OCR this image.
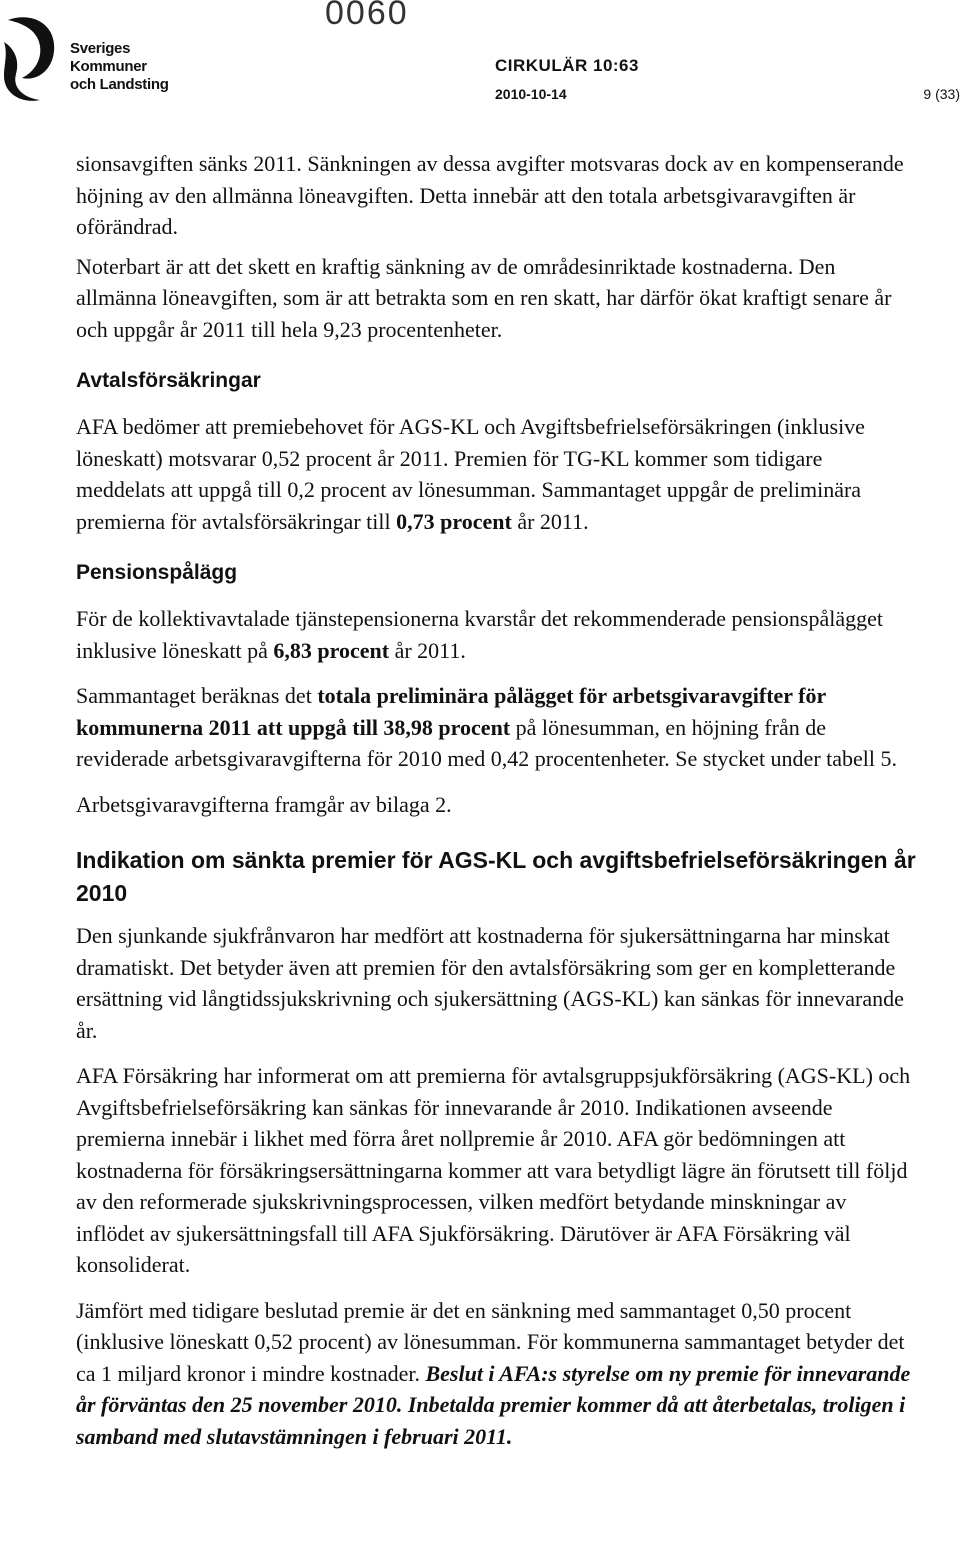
Sveriges
Kommuner
och Landsting
0060
CIRKULÄR 10:63
2010-10-14	9 (33)

sionsavgiften sänks 2011. Sänkningen av dessa avgifter motsvaras dock av en kompenserande höjning av den allmänna löneavgiften. Detta innebär att den totala arbetsgivaravgiften är oförändrad.

Noterbart är att det skett en kraftig sänkning av de områdesinriktade kostnaderna. Den allmänna löneavgiften, som är att betrakta som en ren skatt, har därför ökat kraftigt senare år och uppgår år 2011 till hela 9,23 procentenheter.

Avtalsförsäkringar

AFA bedömer att premiebehovet för AGS-KL och Avgiftsbefrielseförsäkringen (inklusive löneskatt) motsvarar 0,52 procent år 2011. Premien för TG-KL kommer som tidigare meddelats att uppgå till 0,2 procent av lönesumman. Sammantaget uppgår de preliminära premierna för avtalsförsäkringar till 0,73 procent år 2011.

Pensionspålägg

För de kollektivavtalade tjänstepensionerna kvarstår det rekommenderade pensionspålägget inklusive löneskatt på 6,83 procent år 2011.

Sammantaget beräknas det totala preliminära pålägget för arbetsgivaravgifter för kommunerna 2011 att uppgå till 38,98 procent på lönesumman, en höjning från de reviderade arbetsgivaravgifterna för 2010 med 0,42 procentenheter. Se stycket under tabell 5.

Arbetsgivaravgifterna framgår av bilaga 2.

Indikation om sänkta premier för AGS-KL och avgiftsbefrielseförsäkringen år 2010

Den sjunkande sjukfrånvaron har medfört att kostnaderna för sjukersättningarna har minskat dramatiskt. Det betyder även att premien för den avtalsförsäkring som ger en kompletterande ersättning vid långtidssjukskrivning och sjukersättning (AGS-KL) kan sänkas för innevarande år.

AFA Försäkring har informerat om att premierna för avtalsgruppsjukförsäkring (AGS-KL) och Avgiftsbefrielseförsäkring kan sänkas för innevarande år 2010. Indikationen avseende premierna innebär i likhet med förra året nollpremie år 2010. AFA gör bedömningen att kostnaderna för försäkringsersättningarna kommer att vara betydligt lägre än förutsett till följd av den reformerade sjukskrivningsprocessen, vilken medfört betydande minskningar av inflödet av sjukersättningsfall till AFA Sjukförsäkring. Därutöver är AFA Försäkring väl konsoliderat.

Jämfört med tidigare beslutad premie är det en sänkning med sammantaget 0,50 procent (inklusive löneskatt 0,52 procent) av lönesumman. För kommunerna sammantaget betyder det ca 1 miljard kronor i mindre kostnader. Beslut i AFA:s styrelse om ny premie för innevarande år förväntas den 25 november 2010. Inbetalda premier kommer då att återbetalas, troligen i samband med slutavstämningen i februari 2011.
